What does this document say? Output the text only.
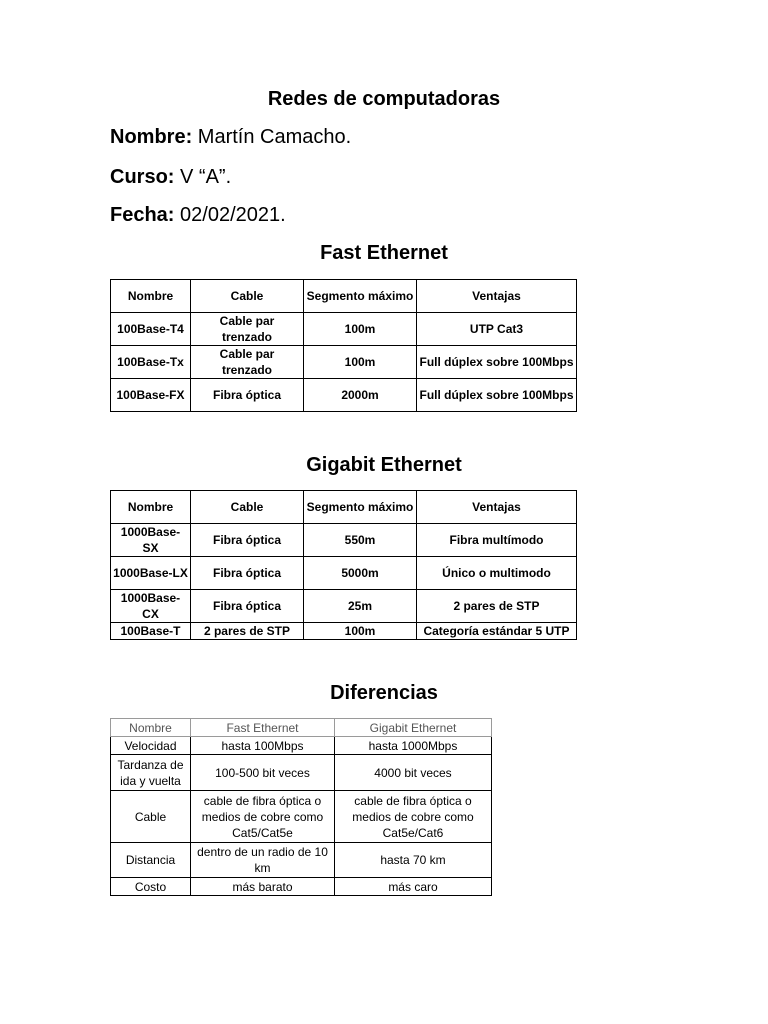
Redes de computadoras
Nombre: Martín Camacho.
Curso: V “A”.
Fecha: 02/02/2021.
Fast Ethernet
Nombre	Cable	Segmento máximo	Ventajas
100Base-T4	Cable par trenzado	100m	UTP Cat3
100Base-Tx	Cable par trenzado	100m	Full dúplex sobre 100Mbps
100Base-FX	Fibra óptica	2000m	Full dúplex sobre 100Mbps
Gigabit Ethernet
Nombre	Cable	Segmento máximo	Ventajas
1000Base-SX	Fibra óptica	550m	Fibra multímodo
1000Base-LX	Fibra óptica	5000m	Único o multimodo
1000Base-CX	Fibra óptica	25m	2 pares de STP
100Base-T	2 pares de STP	100m	Categoría estándar 5 UTP
Diferencias
Nombre	Fast Ethernet	Gigabit Ethernet
Velocidad	hasta 100Mbps	hasta 1000Mbps
Tardanza de ida y vuelta	100-500 bit veces	4000 bit veces
Cable	cable de fibra óptica o medios de cobre como Cat5/Cat5e	cable de fibra óptica o medios de cobre como Cat5e/Cat6
Distancia	dentro de un radio de 10 km	hasta 70 km
Costo	más barato	más caro
